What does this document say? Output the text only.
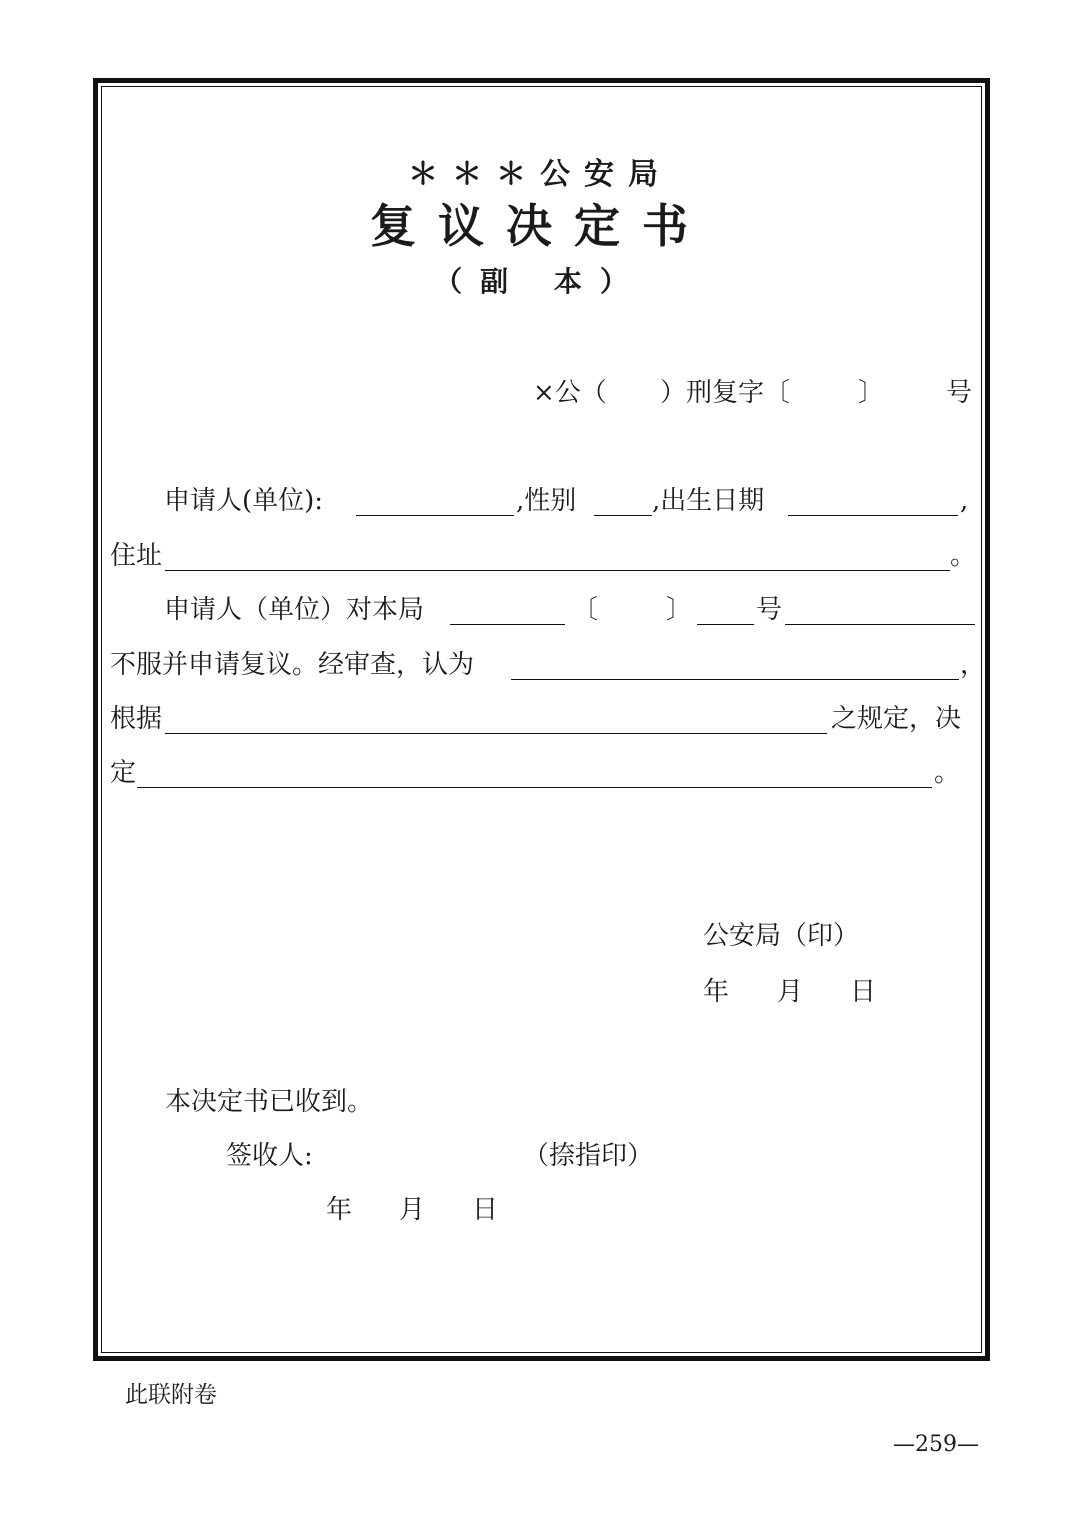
＊＊＊公安局
复议决定书
（副 本）
×公（ ）刑复字〔	〕 号
申请人(单位):	,性别	,出生日期	,
住址	。
申请人（单位）对本局	〔	〕 号
不服并申请复议。经审查，认为	，
根据	之规定，决
定	。
公安局（印）
年 月 日
本决定书已收到。
签收人:	（捺指印）
年 月 日
此联附卷
—259—
